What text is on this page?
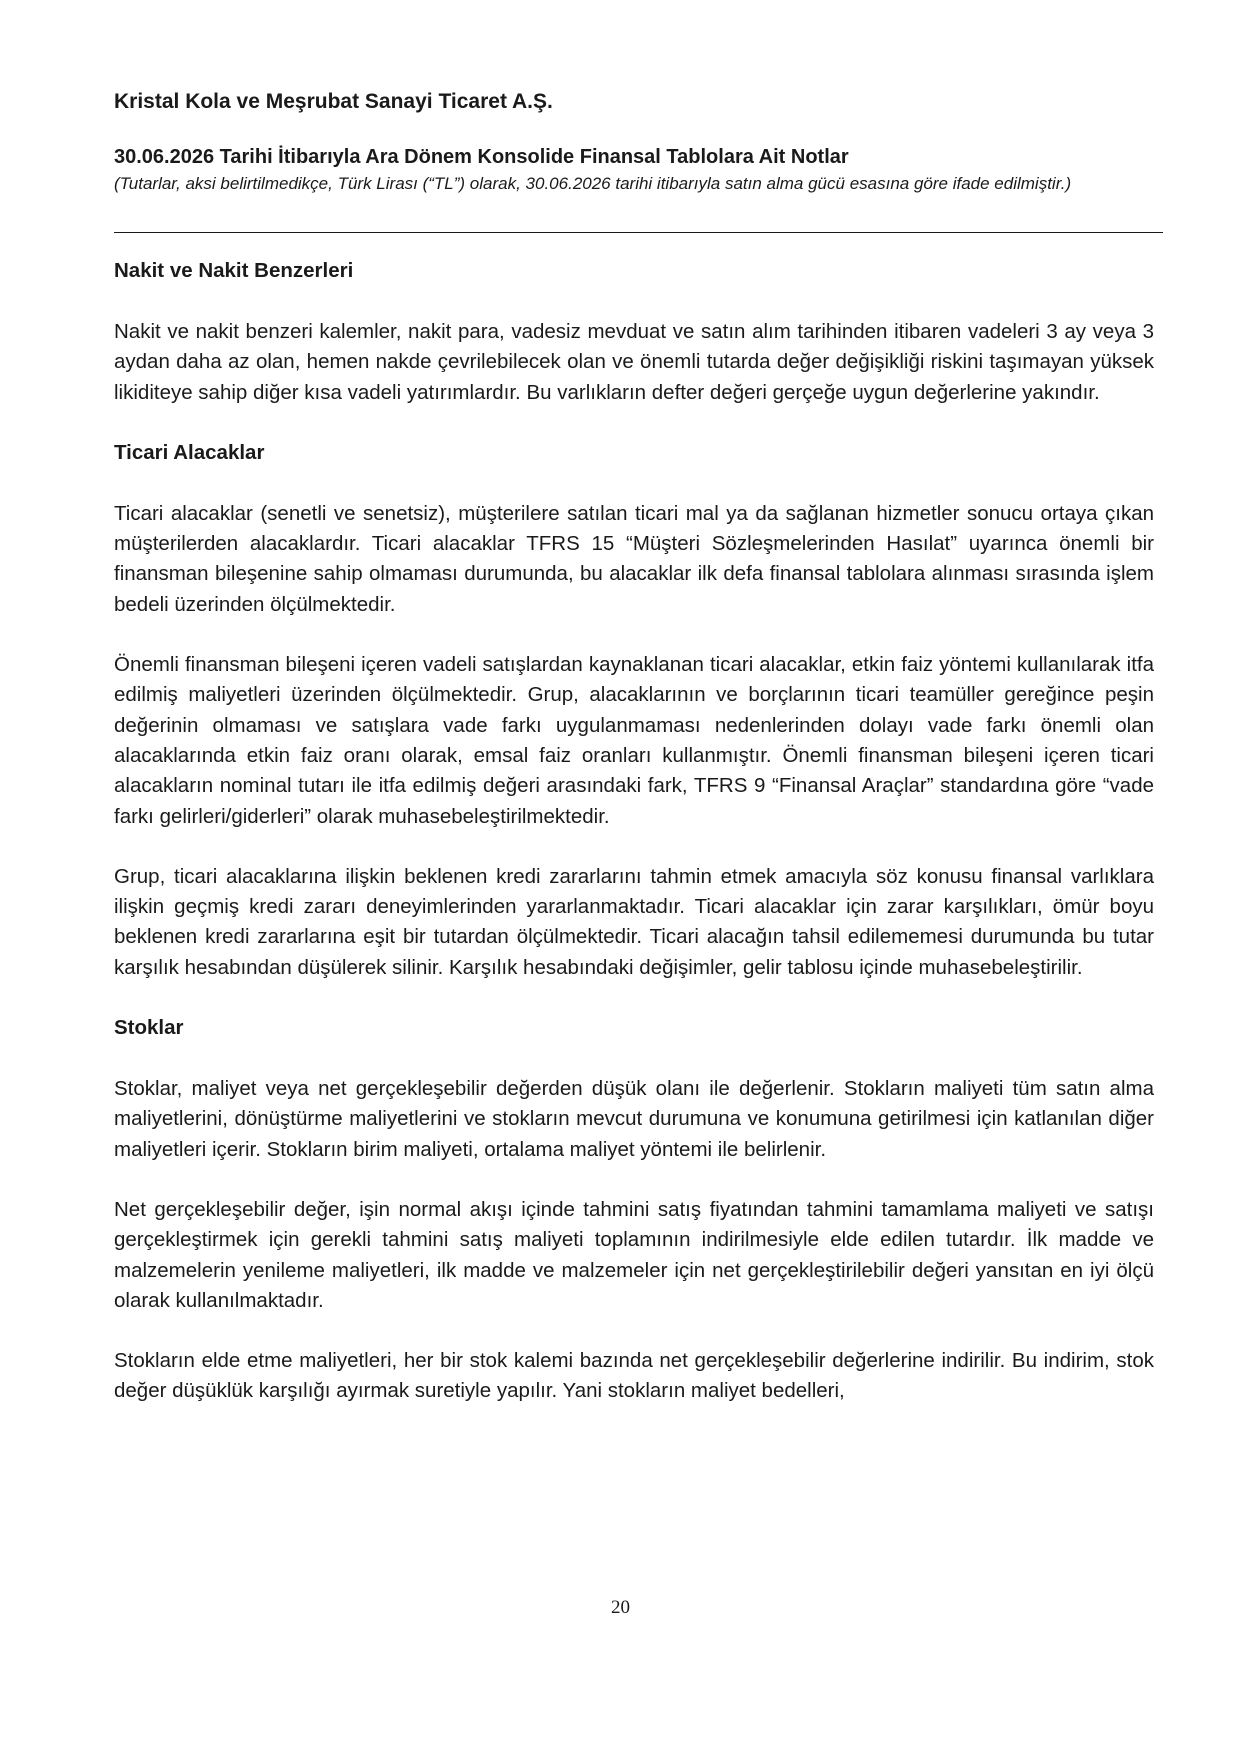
Kristal Kola ve Meşrubat Sanayi Ticaret A.Ş.

30.06.2026 Tarihi İtibarıyla Ara Dönem Konsolide Finansal Tablolara Ait Notlar

(Tutarlar, aksi belirtilmedikçe, Türk Lirası (“TL”) olarak, 30.06.2026 tarihi itibarıyla satın alma gücü esasına göre ifade edilmiştir.)

Nakit ve Nakit Benzerleri

Nakit ve nakit benzeri kalemler, nakit para, vadesiz mevduat ve satın alım tarihinden itibaren vadeleri 3 ay veya 3 aydan daha az olan, hemen nakde çevrilebilecek olan ve önemli tutarda değer değişikliği riskini taşımayan yüksek likiditeye sahip diğer kısa vadeli yatırımlardır. Bu varlıkların defter değeri gerçeğe uygun değerlerine yakındır.

Ticari Alacaklar

Ticari alacaklar (senetli ve senetsiz), müşterilere satılan ticari mal ya da sağlanan hizmetler sonucu ortaya çıkan müşterilerden alacaklardır. Ticari alacaklar TFRS 15 “Müşteri Sözleşmelerinden Hasılat” uyarınca önemli bir finansman bileşenine sahip olmaması durumunda, bu alacaklar ilk defa finansal tablolara alınması sırasında işlem bedeli üzerinden ölçülmektedir.

Önemli finansman bileşeni içeren vadeli satışlardan kaynaklanan ticari alacaklar, etkin faiz yöntemi kullanılarak itfa edilmiş maliyetleri üzerinden ölçülmektedir. Grup, alacaklarının ve borçlarının ticari teamüller gereğince peşin değerinin olmaması ve satışlara vade farkı uygulanmaması nedenlerinden dolayı vade farkı önemli olan alacaklarında etkin faiz oranı olarak, emsal faiz oranları kullanmıştır. Önemli finansman bileşeni içeren ticari alacakların nominal tutarı ile itfa edilmiş değeri arasındaki fark, TFRS 9 “Finansal Araçlar” standardına göre “vade farkı gelirleri/giderleri” olarak muhasebeleştirilmektedir.

Grup, ticari alacaklarına ilişkin beklenen kredi zararlarını tahmin etmek amacıyla söz konusu finansal varlıklara ilişkin geçmiş kredi zararı deneyimlerinden yararlanmaktadır. Ticari alacaklar için zarar karşılıkları, ömür boyu beklenen kredi zararlarına eşit bir tutardan ölçülmektedir. Ticari alacağın tahsil edilememesi durumunda bu tutar karşılık hesabından düşülerek silinir. Karşılık hesabındaki değişimler, gelir tablosu içinde muhasebeleştirilir.

Stoklar

Stoklar, maliyet veya net gerçekleşebilir değerden düşük olanı ile değerlenir. Stokların maliyeti tüm satın alma maliyetlerini, dönüştürme maliyetlerini ve stokların mevcut durumuna ve konumuna getirilmesi için katlanılan diğer maliyetleri içerir. Stokların birim maliyeti, ortalama maliyet yöntemi ile belirlenir.

Net gerçekleşebilir değer, işin normal akışı içinde tahmini satış fiyatından tahmini tamamlama maliyeti ve satışı gerçekleştirmek için gerekli tahmini satış maliyeti toplamının indirilmesiyle elde edilen tutardır. İlk madde ve malzemelerin yenileme maliyetleri, ilk madde ve malzemeler için net gerçekleştirilebilir değeri yansıtan en iyi ölçü olarak kullanılmaktadır.

Stokların elde etme maliyetleri, her bir stok kalemi bazında net gerçekleşebilir değerlerine indirilir. Bu indirim, stok değer düşüklük karşılığı ayırmak suretiyle yapılır. Yani stokların maliyet bedelleri,

20
